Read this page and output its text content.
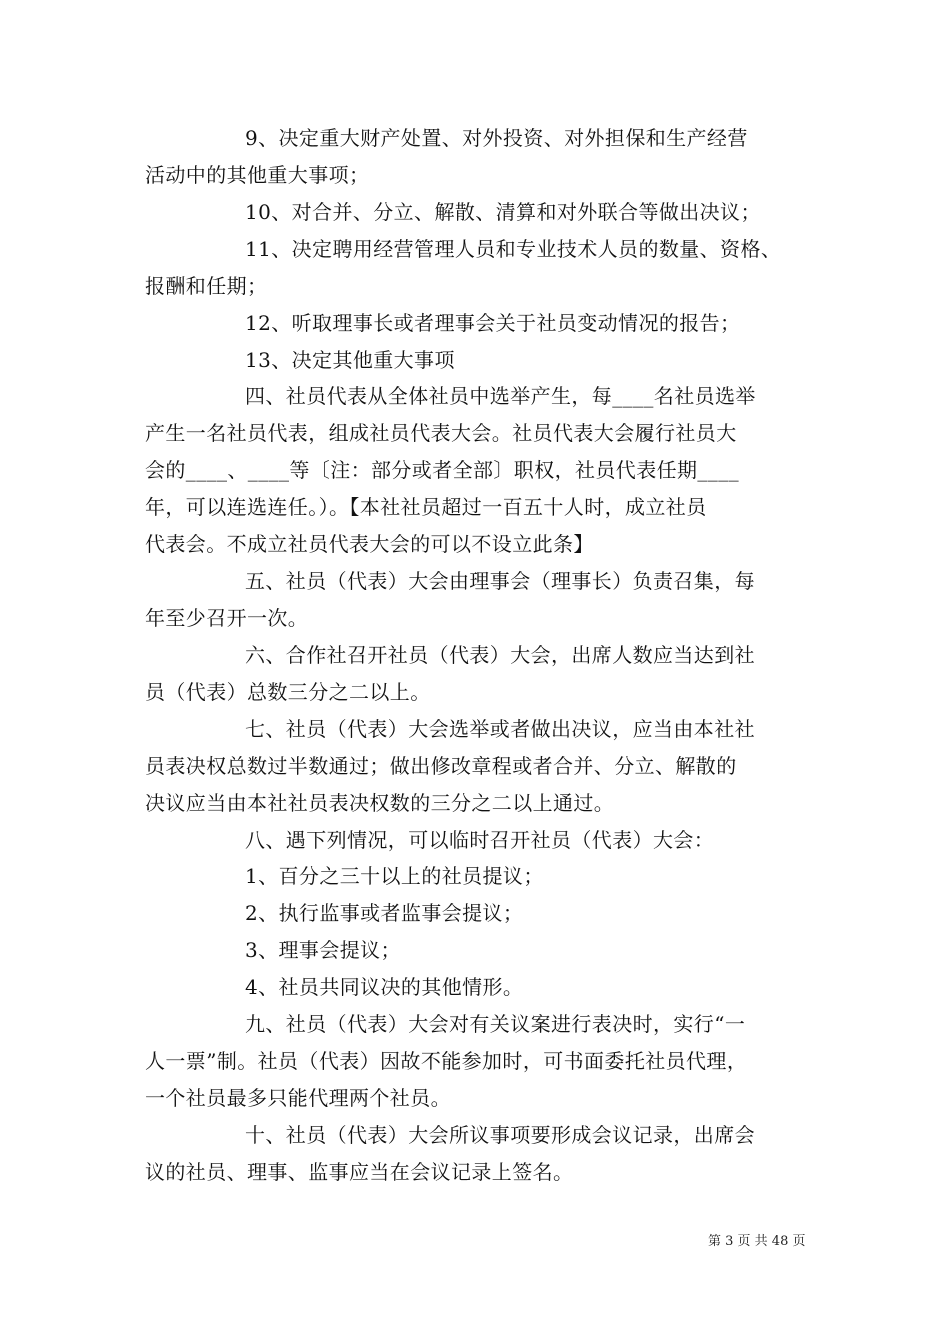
9、决定重大财产处置、对外投资、对外担保和生产经营
活动中的其他重大事项；
10、对合并、分立、解散、清算和对外联合等做出决议；
11、决定聘用经营管理人员和专业技术人员的数量、资格、
报酬和任期；
12、听取理事长或者理事会关于社员变动情况的报告；
13、决定其他重大事项
四、社员代表从全体社员中选举产生，每____名社员选举
产生一名社员代表，组成社员代表大会。社员代表大会履行社员大
会的____、____等〔注：部分或者全部〕职权，社员代表任期____
年，可以连选连任。）。【本社社员超过一百五十人时，成立社员
代表会。不成立社员代表大会的可以不设立此条】
五、社员（代表）大会由理事会（理事长）负责召集，每
年至少召开一次。
六、合作社召开社员（代表）大会，出席人数应当达到社
员（代表）总数三分之二以上。
七、社员（代表）大会选举或者做出决议，应当由本社社
员表决权总数过半数通过；做出修改章程或者合并、分立、解散的
决议应当由本社社员表决权数的三分之二以上通过。
八、遇下列情况，可以临时召开社员（代表）大会：
1、百分之三十以上的社员提议；
2、执行监事或者监事会提议；
3、理事会提议；
4、社员共同议决的其他情形。
九、社员（代表）大会对有关议案进行表决时，实行“一
人一票”制。社员（代表）因故不能参加时，可书面委托社员代理，
一个社员最多只能代理两个社员。
十、社员（代表）大会所议事项要形成会议记录，出席会
议的社员、理事、监事应当在会议记录上签名。
第 3 页 共 48 页
